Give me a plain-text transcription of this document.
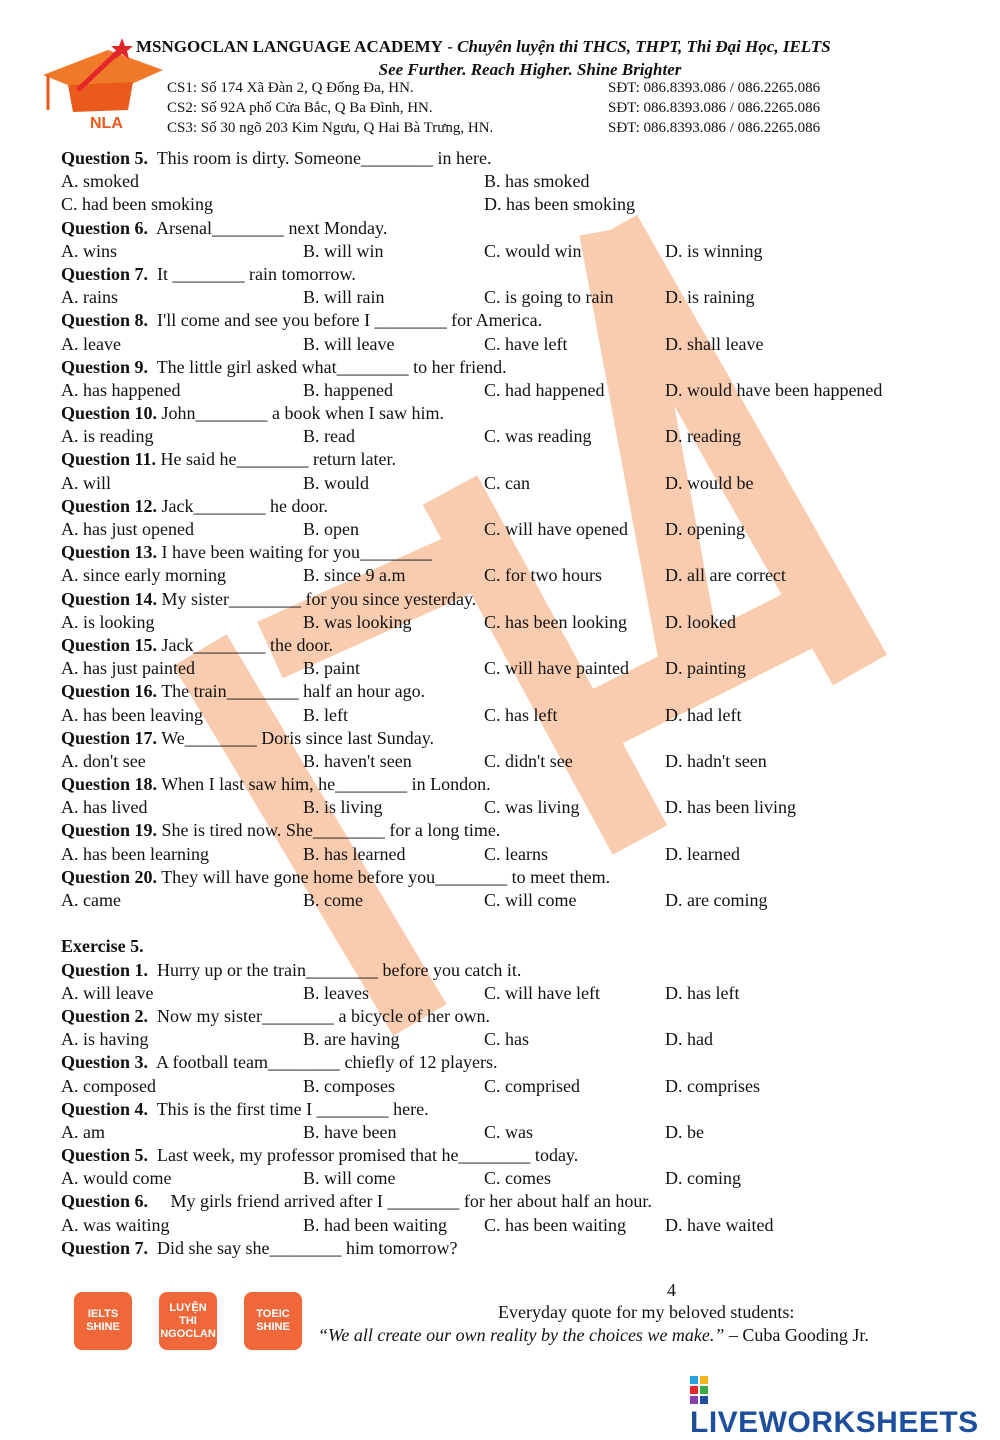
NLA
MSNGOCLAN LANGUAGE ACADEMY - Chuyên luyện thi THCS, THPT, Thi Đại Học, IELTS
See Further. Reach Higher. Shine Brighter
CS1: Số 174 Xã Đàn 2, Q Đống Đa, HN.	SĐT: 086.8393.086 / 086.2265.086
CS2: Số 92A phố Cửa Bắc, Q Ba Đình, HN.	SĐT: 086.8393.086 / 086.2265.086
CS3: Số 30 ngõ 203 Kim Ngưu, Q Hai Bà Trưng, HN.	SĐT: 086.8393.086 / 086.2265.086
Question 5.  This room is dirty. Someone________ in here.
A. smoked	B. has smoked
C. had been smoking	D. has been smoking
Question 6.  Arsenal________ next Monday.
A. wins	B. will win	C. would win	D. is winning
Question 7.  It ________ rain tomorrow.
A. rains	B. will rain	C. is going to rain	D. is raining
Question 8.  I'll come and see you before I ________ for America.
A. leave	B. will leave	C. have left	D. shall leave
Question 9.  The little girl asked what________ to her friend.
A. has happened	B. happened	C. had happened	D. would have been happened
Question 10. John________ a book when I saw him.
A. is reading	B. read	C. was reading	D. reading
Question 11. He said he________ return later.
A. will	B. would	C. can	D. would be
Question 12. Jack________ he door.
A. has just opened	B. open	C. will have opened D. opening
Question 13. I have been waiting for you________
A. since early morning	B. since 9 a.m	C. for two hours	D. all are correct
Question 14. My sister________ for you since yesterday.
A. is looking	B. was looking	C. has been looking D. looked
Question 15. Jack________ the door.
A. has just painted	B. paint	C. will have painted D. painting
Question 16. The train________ half an hour ago.
A. has been leaving	B. left	C. has left	D. had left
Question 17. We________ Doris since last Sunday.
A. don't see	B. haven't seen	C. didn't see	D. hadn't seen
Question 18. When I last saw him, he________ in London.
A. has lived	B. is living	C. was living	D. has been living
Question 19. She is tired now. She________ for a long time.
A. has been learning	B. has learned	C. learns	D. learned
Question 20. They will have gone home before you________ to meet them.
A. came	B. come	C. will come	D. are coming
Exercise 5.
Question 1.  Hurry up or the train________ before you catch it.
A. will leave	B. leaves	C. will have left	D. has left
Question 2.  Now my sister________ a bicycle of her own.
A. is having	B. are having	C. has	D. had
Question 3.  A football team________ chiefly of 12 players.
A. composed	B. composes	C. comprised	D. comprises
Question 4.  This is the first time I ________ here.
A. am	B. have been	C. was	D. be
Question 5.  Last week, my professor promised that he________ today.
A. would come	B. will come	C. comes	D. coming
Question 6.     My girls friend arrived after I ________ for her about half an hour.
A. was waiting	B. had been waiting C. has been waiting D. have waited
Question 7.  Did she say she________ him tomorrow?
4
Everyday quote for my beloved students:
“We all create our own reality by the choices we make.” – Cuba Gooding Jr.
IELTS SHINE
LUYỆN THI NGOCLAN
TOEIC SHINE
LIVEWORKSHEETS
